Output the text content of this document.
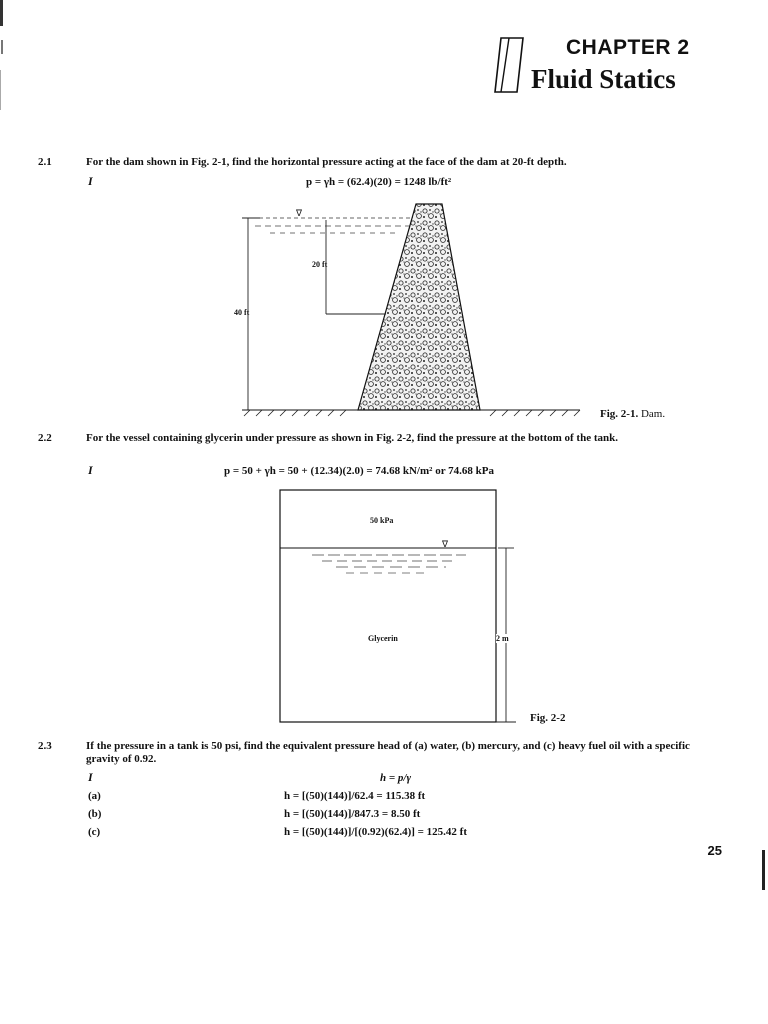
CHAPTER 2
Fluid Statics
2.1	For the dam shown in Fig. 2-1, find the horizontal pressure acting at the face of the dam at 20-ft depth.
I	p = γh = (62.4)(20) = 1248 lb/ft²
∇
20 ft
40 ft
Fig. 2-1. Dam.
2.2	For the vessel containing glycerin under pressure as shown in Fig. 2-2, find the pressure at the bottom of the tank.
I	p = 50 + γh = 50 + (12.34)(2.0) = 74.68 kN/m² or 74.68 kPa
∇
50 kPa
Glycerin	2 m
Fig. 2-2
2.3	If the pressure in a tank is 50 psi, find the equivalent pressure head of (a) water, (b) mercury, and (c) heavy fuel oil with a specific gravity of 0.92.
I	h = p/γ
(a)	h = [(50)(144)]/62.4 = 115.38 ft
(b)	h = [(50)(144)]/847.3 = 8.50 ft
(c)	h = [(50)(144)]/[(0.92)(62.4)] = 125.42 ft
25
